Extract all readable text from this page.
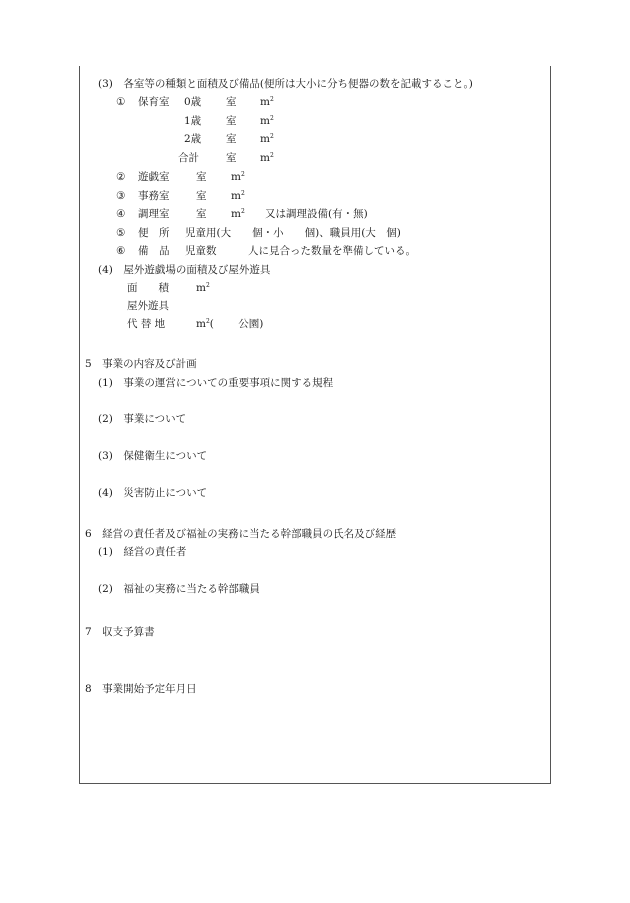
(3)　各室等の種類と面積及び備品(便所は大小に分ち便器の数を記載すること。)
① 保育室 0歳 室 $m^2$
1歳 室 $m^2$
2歳 室 $m^2$
合計	室 $m^2$
② 遊戯室	室 $m^2$
③ 事務室	室 $m^2$
④ 調理室	室 $m^2$ 又は調理設備(有・無)
⑤ 便　所 児童用(大　　個・小　　個)、職員用(大　個)
⑥ 備　品 児童数　　　人に見合った数量を準備している。
(4)　屋外遊戯場の面積及び屋外遊具
面　　積	$m^2$
屋外遊具
代 替 地	$m^2$(　　 公園)
5　事業の内容及び計画
(1)　事業の運営についての重要事項に関する規程
(2)　事業について
(3)　保健衛生について
(4)　災害防止について
6　経営の責任者及び福祉の実務に当たる幹部職員の氏名及び経歴
(1)　経営の責任者
(2)　福祉の実務に当たる幹部職員
7　収支予算書
8　事業開始予定年月日
